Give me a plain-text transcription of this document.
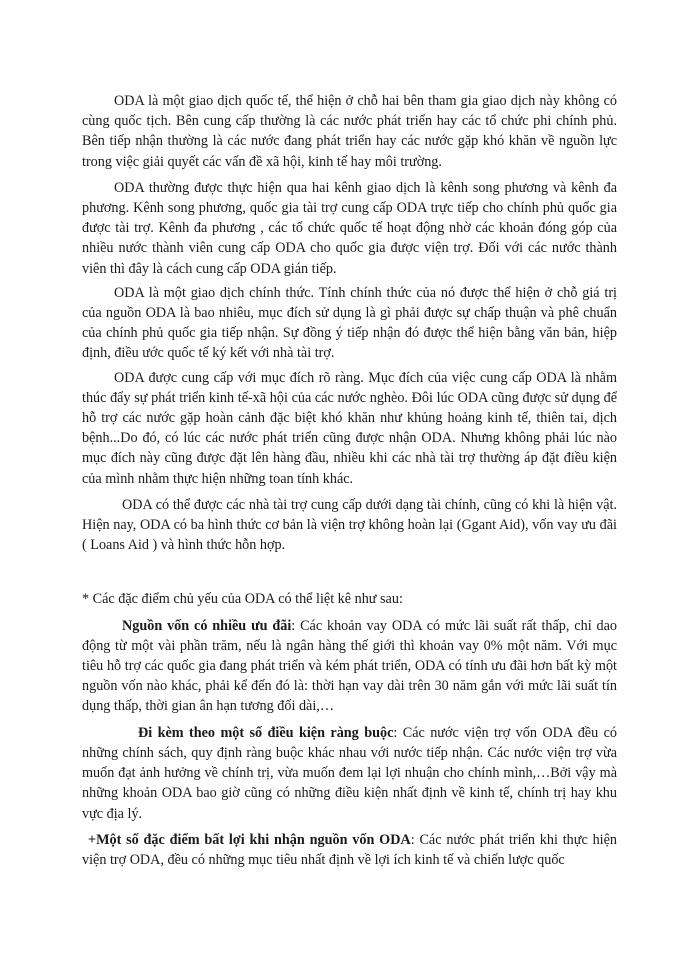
ODA là một giao dịch quốc tế, thể hiện ở chỗ hai bên tham gia giao dịch này không có cùng quốc tịch. Bên cung cấp thường là các nước phát triển hay các tổ chức phi chính phủ. Bên tiếp nhận thường là các nước đang phát triển hay các nước gặp khó khăn về nguồn lực trong việc giải quyết các vấn đề xã hội, kinh tế hay môi trường.

ODA thường được thực hiện qua hai kênh giao dịch là kênh song phương và kênh đa phương. Kênh song phương, quốc gia tài trợ cung cấp ODA trực tiếp cho chính phủ quốc gia được tài trợ. Kênh đa phương , các tổ chức quốc tế hoạt động nhờ các khoản đóng góp của nhiều nước thành viên cung cấp ODA cho quốc gia được viện trợ. Đối với các nước thành viên thì đây là cách cung cấp ODA gián tiếp.

ODA là một giao dịch chính thức. Tính chính thức của nó được thể hiện ở chỗ giá trị của nguồn ODA là bao nhiêu, mục đích sử dụng là gì phải được sự chấp thuận và phê chuẩn của chính phủ quốc gia tiếp nhận. Sự đồng ý tiếp nhận đó được thể hiện bằng văn bản, hiệp định, điều ước quốc tế ký kết với nhà tài trợ.

ODA được cung cấp với mục đích rõ ràng. Mục đích của việc cung cấp ODA là nhằm thúc đẩy sự phát triển kinh tế-xã hội của các nước nghèo. Đôi lúc ODA cũng được sử dụng để hỗ trợ các nước gặp hoàn cảnh đặc biệt khó khăn như khủng hoảng kinh tế, thiên tai, dịch bệnh...Do đó, có lúc các nước phát triển cũng được nhận ODA. Nhưng không phải lúc nào mục đích này cũng được đặt lên hàng đầu, nhiều khi các nhà tài trợ thường áp đặt điều kiện của mình nhằm thực hiện những toan tính khác.

ODA có thể được các nhà tài trợ cung cấp dưới dạng tài chính, cũng có khi là hiện vật. Hiện nay, ODA có ba hình thức cơ bản là viện trợ không hoàn lại (Ggant Aid), vốn vay ưu đãi ( Loans Aid ) và hình thức hỗn hợp.

* Các đặc điểm chủ yếu của ODA có thể liệt kê như sau:

Nguồn vốn có nhiều ưu đãi: Các khoản vay ODA có mức lãi suất rất thấp, chỉ dao động từ một vài phần trăm, nếu là ngân hàng thế giới thì khoản vay 0% một năm. Với mục tiêu hỗ trợ các quốc gia đang phát triển và kém phát triển, ODA có tính ưu đãi hơn bất kỳ một nguồn vốn nào khác, phải kể đến đó là: thời hạn vay dài trên 30 năm gắn với mức lãi suất tín dụng thấp, thời gian ân hạn tương đối dài,…

Đi kèm theo một số điều kiện ràng buộc: Các nước viện trợ vốn ODA đều có những chính sách, quy định ràng buộc khác nhau với nước tiếp nhận. Các nước viện trợ vừa muốn đạt ảnh hưởng về chính trị, vừa muốn đem lại lợi nhuận cho chính mình,…Bởi vậy mà những khoản ODA bao giờ cũng có những điều kiện nhất định về kinh tế, chính trị hay khu vực địa lý.

+Một số đặc điểm bất lợi khi nhận nguồn vốn ODA: Các nước phát triển khi thực hiện viện trợ ODA, đều có những mục tiêu nhất định về lợi ích kinh tế và chiến lược quốc
